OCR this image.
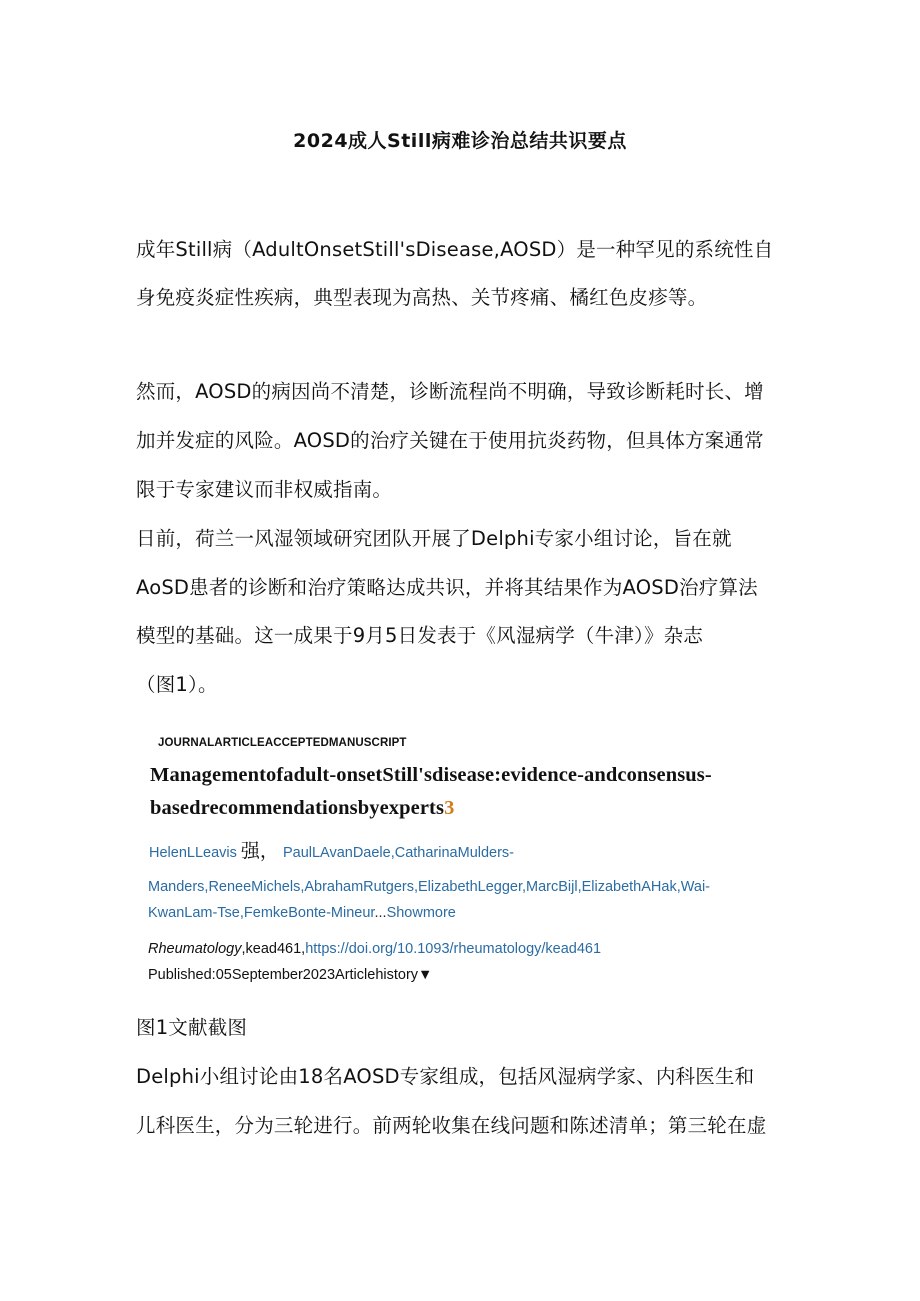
2024成人Still病难诊治总结共识要点
成年Still病（AdultOnsetStill'sDisease,AOSD）是一种罕见的系统性自
身免疫炎症性疾病，典型表现为高热、关节疼痛、橘红色皮疹等。
然而，AOSD的病因尚不清楚，诊断流程尚不明确，导致诊断耗时长、增
加并发症的风险。AOSD的治疗关键在于使用抗炎药物，但具体方案通常
限于专家建议而非权威指南。
日前，荷兰一风湿领域研究团队开展了Delphi专家小组讨论，旨在就
AoSD患者的诊断和治疗策略达成共识，并将其结果作为AOSD治疗算法
模型的基础。这一成果于9月5日发表于《风湿病学（牛津）》杂志
（图1）。
JOURNALARTICLEACCEPTEDMANUSCRIPT
Managementofadult-onsetStill'sdisease:evidence-andconsensus-
basedrecommendationsbyexperts3
HelenLLeavis 强， PaulLAvanDaele,CatharinaMulders-
Manders,ReneeMichels,AbrahamRutgers,ElizabethLegger,MarcBijl,ElizabethAHak,Wai-
KwanLam-Tse,FemkeBonte-Mineur...Showmore
Rheumatology,kead461,https://doi.org/10.1093/rheumatology/kead461
Published:05September2023Articlehistory▼
图1文献截图
Delphi小组讨论由18名AOSD专家组成，包括风湿病学家、内科医生和
儿科医生，分为三轮进行。前两轮收集在线问题和陈述清单；第三轮在虚
